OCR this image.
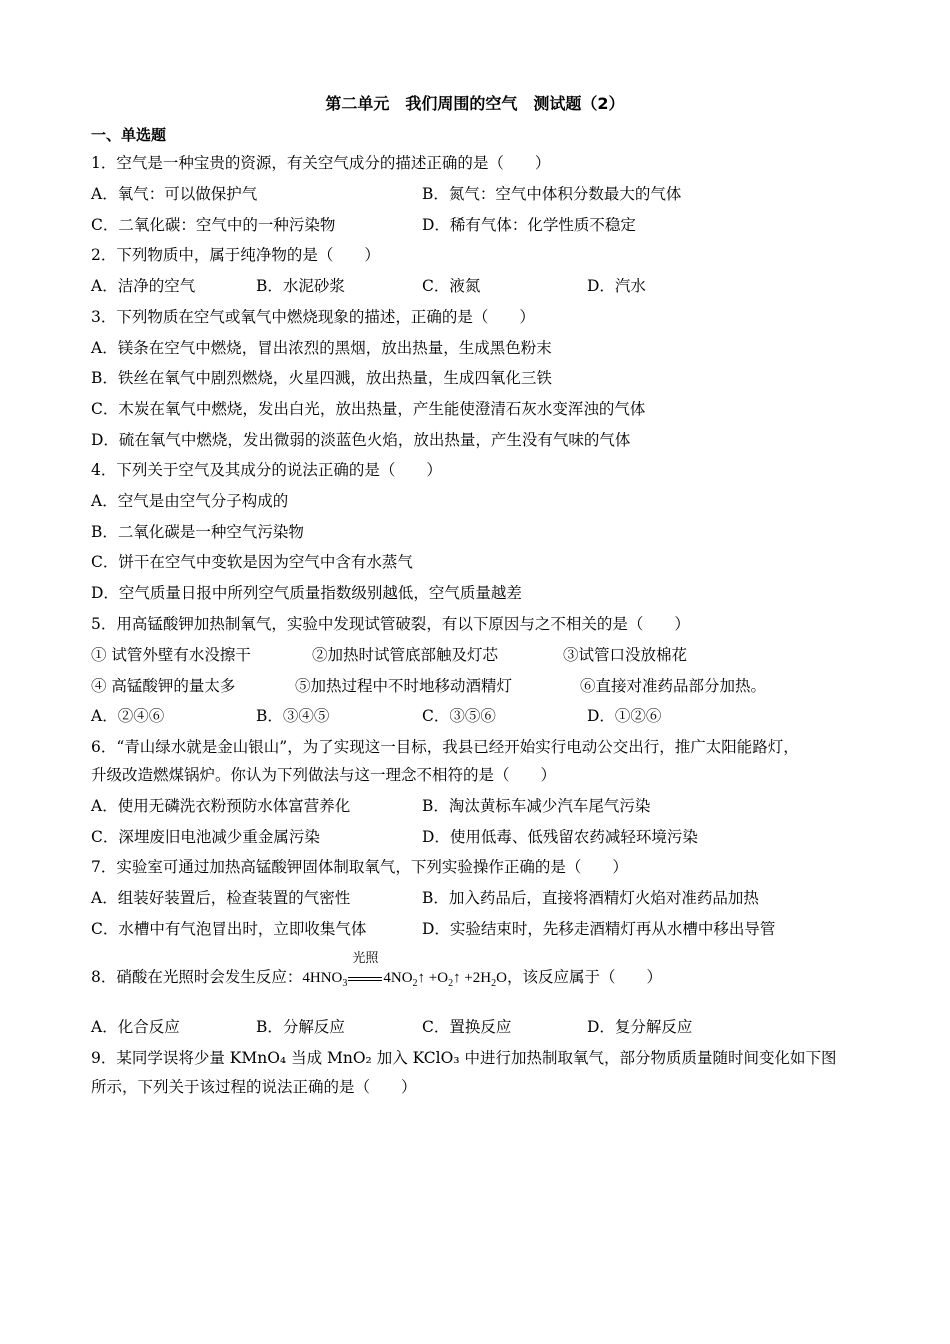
第二单元　我们周围的空气　测试题（2）
一、单选题
1．空气是一种宝贵的资源，有关空气成分的描述正确的是（　　）
A．氧气：可以做保护气	B．氮气：空气中体积分数最大的气体
C．二氧化碳：空气中的一种污染物	D．稀有气体：化学性质不稳定
2．下列物质中，属于纯净物的是（　　）
A．洁净的空气	B．水泥砂浆	C．液氮	D．汽水
3．下列物质在空气或氧气中燃烧现象的描述，正确的是（　　）
A．镁条在空气中燃烧，冒出浓烈的黑烟，放出热量，生成黑色粉末
B．铁丝在氧气中剧烈燃烧，火星四溅，放出热量，生成四氧化三铁
C．木炭在氧气中燃烧，发出白光，放出热量，产生能使澄清石灰水变浑浊的气体
D．硫在氧气中燃烧，发出微弱的淡蓝色火焰，放出热量，产生没有气味的气体
4．下列关于空气及其成分的说法正确的是（　　）
A．空气是由空气分子构成的
B．二氧化碳是一种空气污染物
C．饼干在空气中变软是因为空气中含有水蒸气
D．空气质量日报中所列空气质量指数级别越低，空气质量越差
5．用高锰酸钾加热制氧气，实验中发现试管破裂，有以下原因与之不相关的是（　　）
① 试管外壁有水没擦干	②加热时试管底部触及灯芯	③试管口没放棉花
④ 高锰酸钾的量太多	⑤加热过程中不时地移动酒精灯	⑥直接对准药品部分加热。
A．②④⑥	B．③④⑤	C．③⑤⑥	D．①②⑥
6．“青山绿水就是金山银山”，为了实现这一目标，我县已经开始实行电动公交出行，推广太阳能路灯，
升级改造燃煤锅炉。你认为下列做法与这一理念不相符的是（　　）
A．使用无磷洗衣粉预防水体富营养化	B．淘汰黄标车减少汽车尾气污染
C．深埋废旧电池减少重金属污染	D．使用低毒、低残留农药减轻环境污染
7．实验室可通过加热高锰酸钾固体制取氧气，下列实验操作正确的是（　　）
A．组装好装置后，检查装置的气密性	B．加入药品后，直接将酒精灯火焰对准药品加热
C．水槽中有气泡冒出时，立即收集气体	D．实验结束时，先移走酒精灯再从水槽中移出导管
8．硝酸在光照时会发生反应：$4HNO_3$
光照
$4NO_2↑$ $+O_2↑ +2H_2O$，该反应属于（　　）
A．化合反应	B．分解反应	C．置换反应	D．复分解反应
9．某同学误将少量 KMnO₄ 当成 MnO₂ 加入 KClO₃ 中进行加热制取氧气，部分物质质量随时间变化如下图
所示，下列关于该过程的说法正确的是（　　）
